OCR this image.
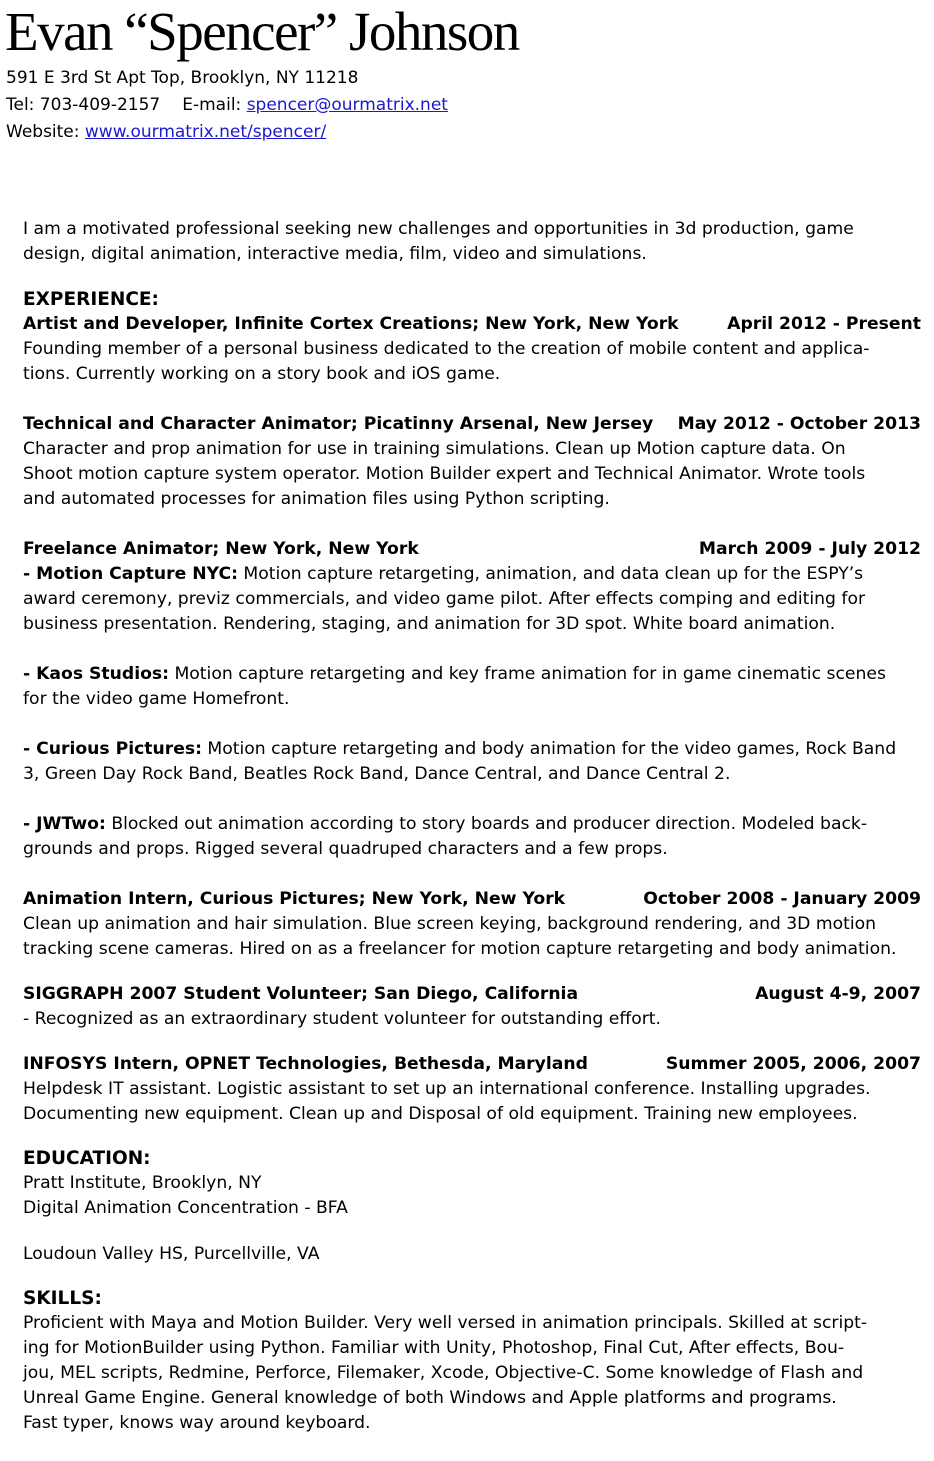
Evan “Spencer” Johnson
591 E 3rd St Apt Top, Brooklyn, NY 11218
Tel: 703-409-2157 E-mail: spencer@ourmatrix.net
Website: www.ourmatrix.net/spencer/
I am a motivated professional seeking new challenges and opportunities in 3d production, game
design, digital animation, interactive media, film, video and simulations.
EXPERIENCE:
Artist and Developer, Infinite Cortex Creations; New York, New York	April 2012 - Present
Founding member of a personal business dedicated to the creation of mobile content and applica-
tions. Currently working on a story book and iOS game.
Technical and Character Animator; Picatinny Arsenal, New Jersey May 2012 - October 2013
Character and prop animation for use in training simulations. Clean up Motion capture data. On
Shoot motion capture system operator. Motion Builder expert and Technical Animator. Wrote tools
and automated processes for animation files using Python scripting.
Freelance Animator; New York, New York	March 2009 - July 2012
- Motion Capture NYC: Motion capture retargeting, animation, and data clean up for the ESPY’s
award ceremony, previz commercials, and video game pilot. After effects comping and editing for
business presentation. Rendering, staging, and animation for 3D spot. White board animation.
- Kaos Studios: Motion capture retargeting and key frame animation for in game cinematic scenes
for the video game Homefront.
- Curious Pictures: Motion capture retargeting and body animation for the video games, Rock Band
3, Green Day Rock Band, Beatles Rock Band, Dance Central, and Dance Central 2.
- JWTwo: Blocked out animation according to story boards and producer direction. Modeled back-
grounds and props. Rigged several quadruped characters and a few props.
Animation Intern, Curious Pictures; New York, New York	October 2008 - January 2009
Clean up animation and hair simulation. Blue screen keying, background rendering, and 3D motion
tracking scene cameras. Hired on as a freelancer for motion capture retargeting and body animation.
SIGGRAPH 2007 Student Volunteer; San Diego, California	August 4-9, 2007
- Recognized as an extraordinary student volunteer for outstanding effort.
INFOSYS Intern, OPNET Technologies, Bethesda, Maryland	Summer 2005, 2006, 2007
Helpdesk IT assistant. Logistic assistant to set up an international conference. Installing upgrades.
Documenting new equipment. Clean up and Disposal of old equipment. Training new employees.
EDUCATION:
Pratt Institute, Brooklyn, NY
Digital Animation Concentration - BFA
Loudoun Valley HS, Purcellville, VA
SKILLS:
Proficient with Maya and Motion Builder. Very well versed in animation principals. Skilled at script-
ing for MotionBuilder using Python. Familiar with Unity, Photoshop, Final Cut, After effects, Bou-
jou, MEL scripts, Redmine, Perforce, Filemaker, Xcode, Objective-C. Some knowledge of Flash and
Unreal Game Engine. General knowledge of both Windows and Apple platforms and programs.
Fast typer, knows way around keyboard.
